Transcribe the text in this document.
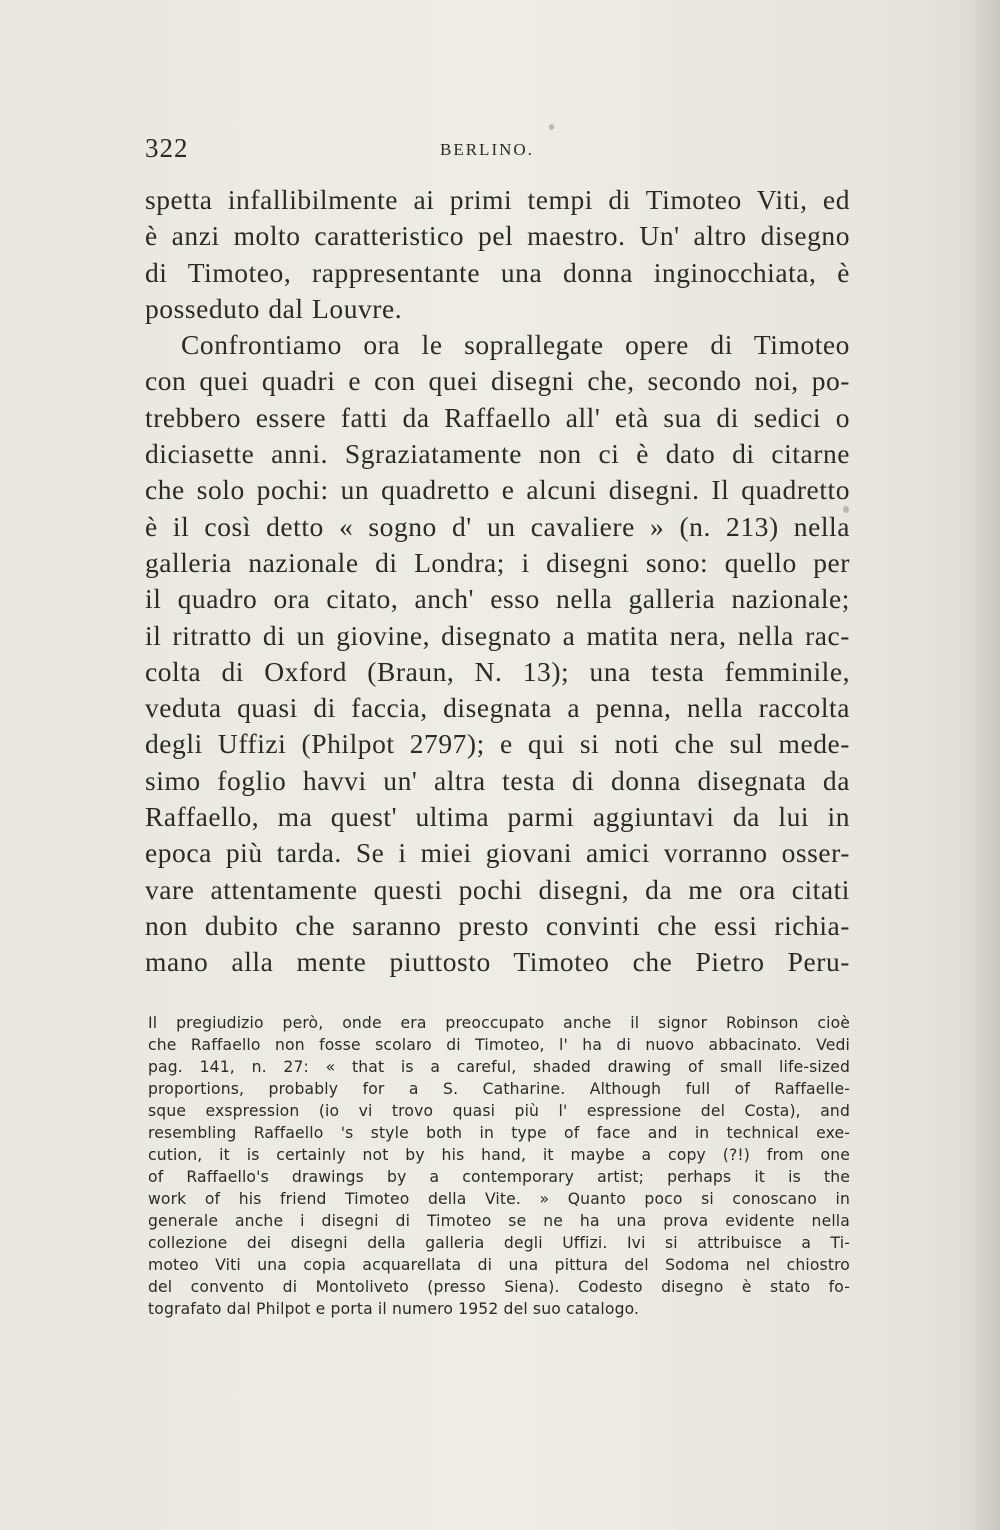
322	BERLINO.
spetta infallibilmente ai primi tempi di Timoteo Viti, ed
è anzi molto caratteristico pel maestro. Un' altro disegno
di Timoteo, rappresentante una donna inginocchiata, è
posseduto dal Louvre.
Confrontiamo ora le soprallegate opere di Timoteo
con quei quadri e con quei disegni che, secondo noi, po-
trebbero essere fatti da Raffaello all' età sua di sedici o
diciasette anni. Sgraziatamente non ci è dato di citarne
che solo pochi: un quadretto e alcuni disegni. Il quadretto
è il così detto « sogno d' un cavaliere » (n. 213) nella
galleria nazionale di Londra; i disegni sono: quello per
il quadro ora citato, anch' esso nella galleria nazionale;
il ritratto di un giovine, disegnato a matita nera, nella rac-
colta di Oxford (Braun, N. 13); una testa femminile,
veduta quasi di faccia, disegnata a penna, nella raccolta
degli Uffizi (Philpot 2797); e qui si noti che sul mede-
simo foglio havvi un' altra testa di donna disegnata da
Raffaello, ma quest' ultima parmi aggiuntavi da lui in
epoca più tarda. Se i miei giovani amici vorranno osser-
vare attentamente questi pochi disegni, da me ora citati
non dubito che saranno presto convinti che essi richia-
mano alla mente piuttosto Timoteo che Pietro Peru-
Il pregiudizio però, onde era preoccupato anche il signor Robinson cioè
che Raffaello non fosse scolaro di Timoteo, l' ha di nuovo abbacinato. Vedi
pag. 141, n. 27: « that is a careful, shaded drawing of small life-sized
proportions, probably for a S. Catharine. Although full of Raffaelle-
sque exspression (io vi trovo quasi più l' espressione del Costa), and
resembling Raffaello 's style both in type of face and in technical exe-
cution, it is certainly not by his hand, it maybe a copy (?!) from one
of Raffaello's drawings by a contemporary artist; perhaps it is the
work of his friend Timoteo della Vite. » Quanto poco si conoscano in
generale anche i disegni di Timoteo se ne ha una prova evidente nella
collezione dei disegni della galleria degli Uffizi. Ivi si attribuisce a Ti-
moteo Viti una copia acquarellata di una pittura del Sodoma nel chiostro
del convento di Montoliveto (presso Siena). Codesto disegno è stato fo-
tografato dal Philpot e porta il numero 1952 del suo catalogo.
